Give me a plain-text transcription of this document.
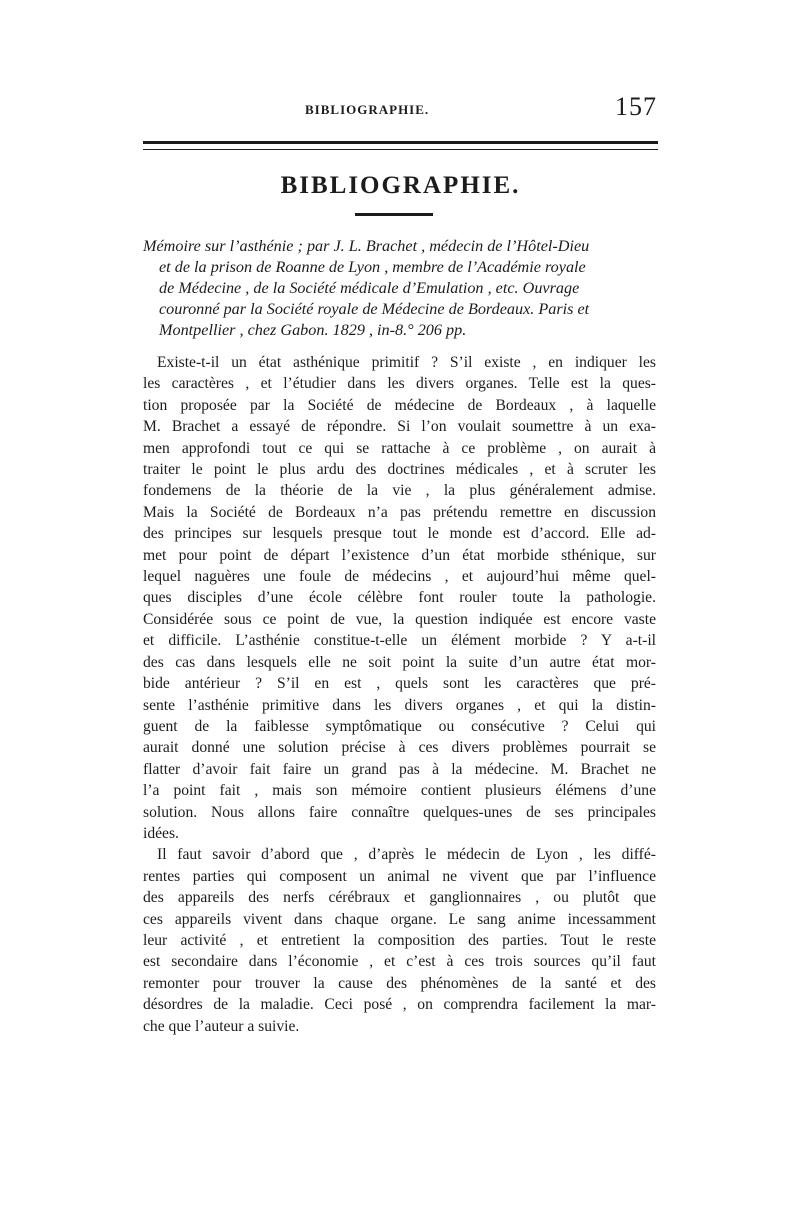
BIBLIOGRAPHIE.	157
BIBLIOGRAPHIE.
Mémoire sur l’asthénie ; par J. L. Brachet , médecin de l’Hôtel-Dieu
et de la prison de Roanne de Lyon , membre de l’Académie royale
de Médecine , de la Société médicale d’Emulation , etc. Ouvrage
couronné par la Société royale de Médecine de Bordeaux. Paris et
Montpellier , chez Gabon. 1829 , in-8.° 206 pp.
Existe-t-il un état asthénique primitif ? S’il existe , en indiquer les
les caractères , et l’étudier dans les divers organes. Telle est la ques-
tion proposée par la Société de médecine de Bordeaux , à laquelle
M. Brachet a essayé de répondre. Si l’on voulait soumettre à un exa-
men approfondi tout ce qui se rattache à ce problème , on aurait à
traiter le point le plus ardu des doctrines médicales , et à scruter les
fondemens de la théorie de la vie , la plus généralement admise.
Mais la Société de Bordeaux n’a pas prétendu remettre en discussion
des principes sur lesquels presque tout le monde est d’accord. Elle ad-
met pour point de départ l’existence d’un état morbide sthénique, sur
lequel naguères une foule de médecins , et aujourd’hui même quel-
ques disciples d’une école célèbre font rouler toute la pathologie.
Considérée sous ce point de vue, la question indiquée est encore vaste
et difficile. L’asthénie constitue-t-elle un élément morbide ? Y a-t-il
des cas dans lesquels elle ne soit point la suite d’un autre état mor-
bide antérieur ? S’il en est , quels sont les caractères que pré-
sente l’asthénie primitive dans les divers organes , et qui la distin-
guent de la faiblesse symptômatique ou consécutive ? Celui qui
aurait donné une solution précise à ces divers problèmes pourrait se
flatter d’avoir fait faire un grand pas à la médecine. M. Brachet ne
l’a point fait , mais son mémoire contient plusieurs élémens d’une
solution. Nous allons faire connaître quelques-unes de ses principales
idées.
Il faut savoir d’abord que , d’après le médecin de Lyon , les diffé-
rentes parties qui composent un animal ne vivent que par l’influence
des appareils des nerfs cérébraux et ganglionnaires , ou plutôt que
ces appareils vivent dans chaque organe. Le sang anime incessamment
leur activité , et entretient la composition des parties. Tout le reste
est secondaire dans l’économie , et c’est à ces trois sources qu’il faut
remonter pour trouver la cause des phénomènes de la santé et des
désordres de la maladie. Ceci posé , on comprendra facilement la mar-
che que l’auteur a suivie.
